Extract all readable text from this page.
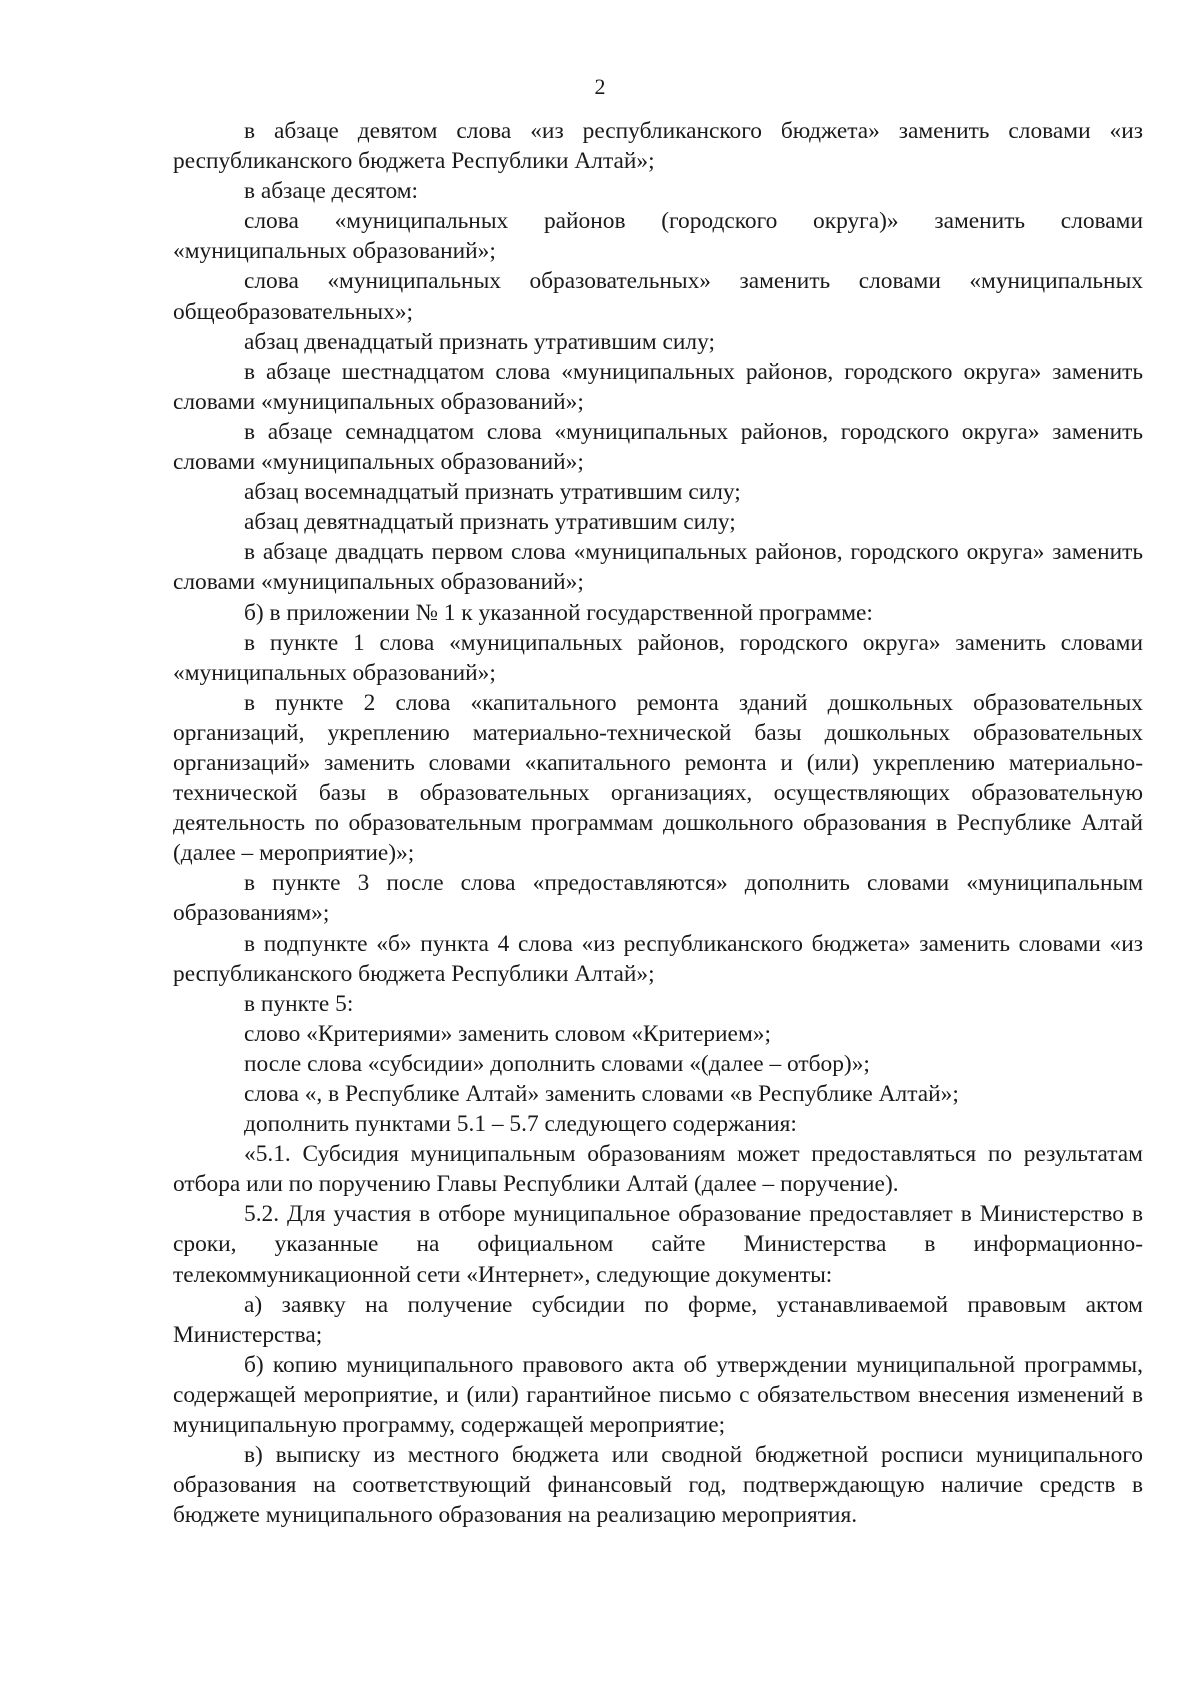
2

в абзаце девятом слова «из республиканского бюджета» заменить словами «из республиканского бюджета Республики Алтай»;

в абзаце десятом:

слова «муниципальных районов (городского округа)» заменить словами «муниципальных образований»;

слова «муниципальных образовательных» заменить словами «муниципальных общеобразовательных»;

абзац двенадцатый признать утратившим силу;

в абзаце шестнадцатом слова «муниципальных районов, городского округа» заменить словами «муниципальных образований»;

в абзаце семнадцатом слова «муниципальных районов, городского округа» заменить словами «муниципальных образований»;

абзац восемнадцатый признать утратившим силу;

абзац девятнадцатый признать утратившим силу;

в абзаце двадцать первом слова «муниципальных районов, городского округа» заменить словами «муниципальных образований»;

б) в приложении № 1 к указанной государственной программе:

в пункте 1 слова «муниципальных районов, городского округа» заменить словами «муниципальных образований»;

в пункте 2 слова «капитального ремонта зданий дошкольных образовательных организаций, укреплению материально-технической базы дошкольных образовательных организаций» заменить словами «капитального ремонта и (или) укреплению материально-технической базы в образовательных организациях, осуществляющих образовательную деятельность по образовательным программам дошкольного образования в Республике Алтай (далее – мероприятие)»;

в пункте 3 после слова «предоставляются» дополнить словами «муниципальным образованиям»;

в подпункте «б» пункта 4 слова «из республиканского бюджета» заменить словами «из республиканского бюджета Республики Алтай»;

в пункте 5:

слово «Критериями» заменить словом «Критерием»;

после слова «субсидии» дополнить словами «(далее – отбор)»;

слова «, в Республике Алтай» заменить словами «в Республике Алтай»;

дополнить пунктами 5.1 – 5.7 следующего содержания:

«5.1. Субсидия муниципальным образованиям может предоставляться по результатам отбора или по поручению Главы Республики Алтай (далее – поручение).

5.2. Для участия в отборе муниципальное образование предоставляет в Министерство в сроки, указанные на официальном сайте Министерства в информационно- телекоммуникационной сети «Интернет», следующие документы:

а) заявку на получение субсидии по форме, устанавливаемой правовым актом Министерства;

б) копию муниципального правового акта об утверждении муниципальной программы, содержащей мероприятие, и (или) гарантийное письмо с обязательством внесения изменений в муниципальную программу, содержащей мероприятие;

в) выписку из местного бюджета или сводной бюджетной росписи муниципального образования на соответствующий финансовый год, подтверждающую наличие средств в бюджете муниципального образования на реализацию мероприятия.
